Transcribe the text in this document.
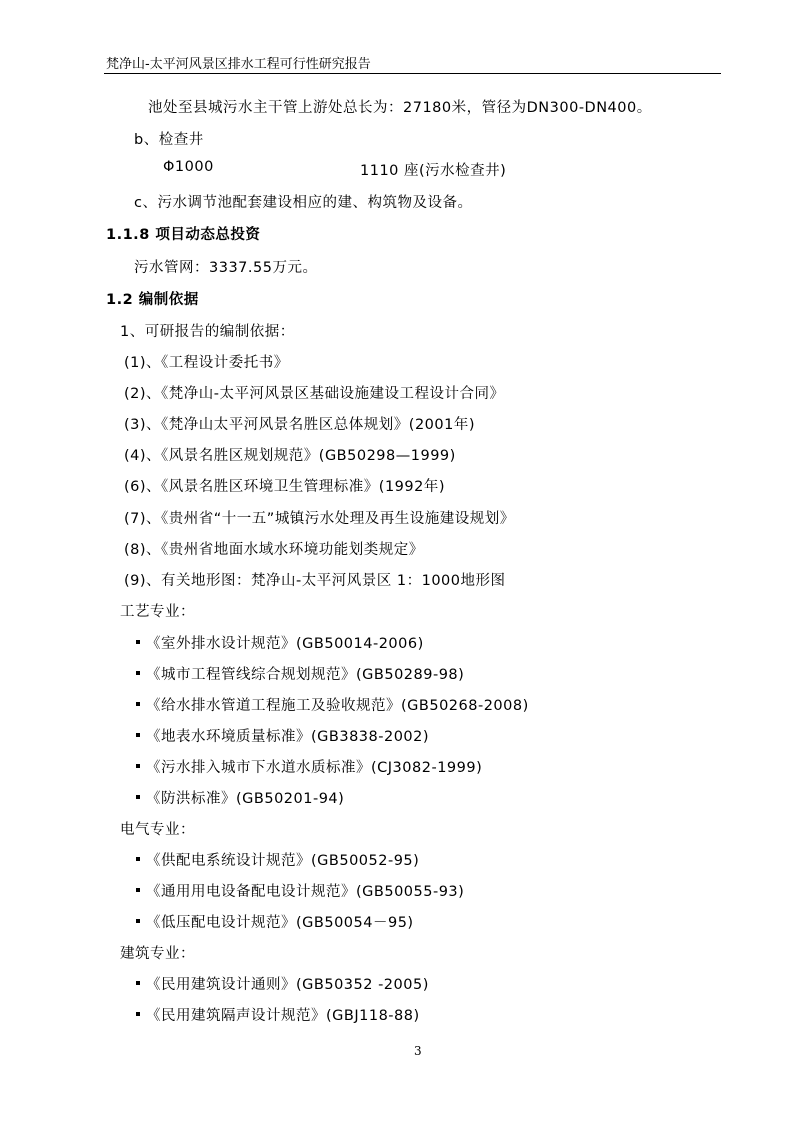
梵净山-太平河风景区排水工程可行性研究报告
池处至县城污水主干管上游处总长为：27180米，管径为DN300-DN400。
b、检查井
Φ1000	1110 座(污水检查井)
c、污水调节池配套建设相应的建、构筑物及设备。
1.1.8 项目动态总投资
污水管网：3337.55万元。
1.2 编制依据
1、可研报告的编制依据：
(1)、《工程设计委托书》
(2)、《梵净山-太平河风景区基础设施建设工程设计合同》
(3)、《梵净山太平河风景名胜区总体规划》(2001年)
(4)、《风景名胜区规划规范》(GB50298—1999)
(6)、《风景名胜区环境卫生管理标准》(1992年)
(7)、《贵州省“十一五”城镇污水处理及再生设施建设规划》
(8)、《贵州省地面水域水环境功能划类规定》
(9)、有关地形图：梵净山-太平河风景区 1：1000地形图
工艺专业：
《室外排水设计规范》(GB50014-2006)
《城市工程管线综合规划规范》(GB50289-98)
《给水排水管道工程施工及验收规范》(GB50268-2008)
《地表水环境质量标准》(GB3838-2002)
《污水排入城市下水道水质标准》(CJ3082-1999)
《防洪标准》(GB50201-94)
电气专业：
《供配电系统设计规范》(GB50052-95)
《通用用电设备配电设计规范》(GB50055-93)
《低压配电设计规范》(GB50054－95)
建筑专业：
《民用建筑设计通则》(GB50352 -2005)
《民用建筑隔声设计规范》(GBJ118-88)
3
